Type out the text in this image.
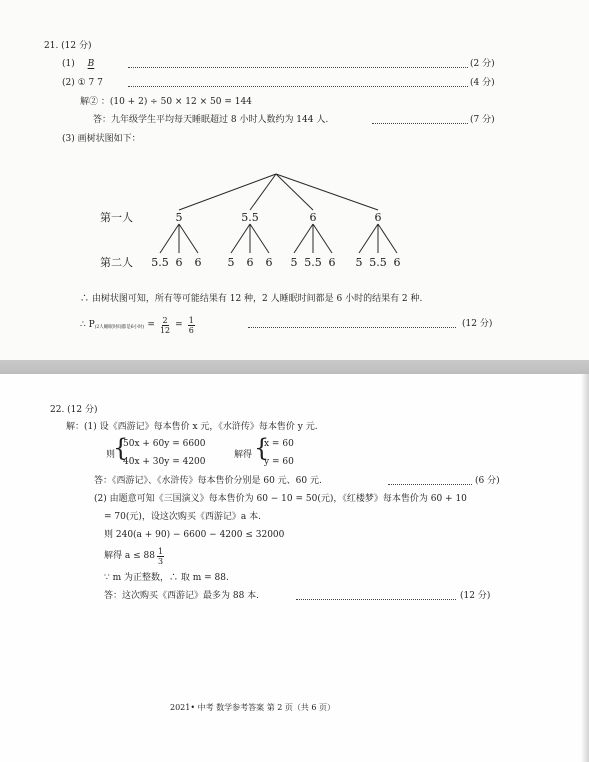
21. (12 分)
(1) B	(2 分)
(2) ① 7 7	(4 分)
解② ：(10 + 2) ÷ 50 × 12 × 50 = 144
答：九年级学生平均每天睡眠超过 8 小时人数约为 144 人.	(7 分)
(3) 画树状图如下：
第一人
第二人
5	5.5	6	6
5.5 6 6 5 6 6 5 5.5 6 5 5.5 6
∴ 由树状图可知，所有等可能结果有 12 种，2 人睡眠时间都是 6 小时的结果有 2 种.
∴ P (2人睡眠时间都是6小时) = $\frac{2}{12} = \frac{1}{6}$	(12 分)
22. (12 分)
解：(1) 设《西游记》每本售价 x 元，《水浒传》每本售价 y 元.
则
{
50x + 60y = 6600
40x + 30y = 4200
解得 {
x = 60
y = 60
答：《西游记》、《水浒传》每本售价分别是 60 元、60 元.	(6 分)
(2) 由题意可知《三国演义》每本售价为 60 − 10 = 50(元)，《红楼梦》每本售价为 60 + 10
= 70(元)，设这次购买《西游记》a 本.
则 240(a + 90) − 6600 − 4200 ≤ 32000
解得 $a \le 88 \frac{1}{3}$
∵ m 为正整数，∴ 取 m = 88.
答：这次购买《西游记》最多为 88 本.	(12 分)
2021• 中考 数学参考答案 第 2 页（共 6 页）
